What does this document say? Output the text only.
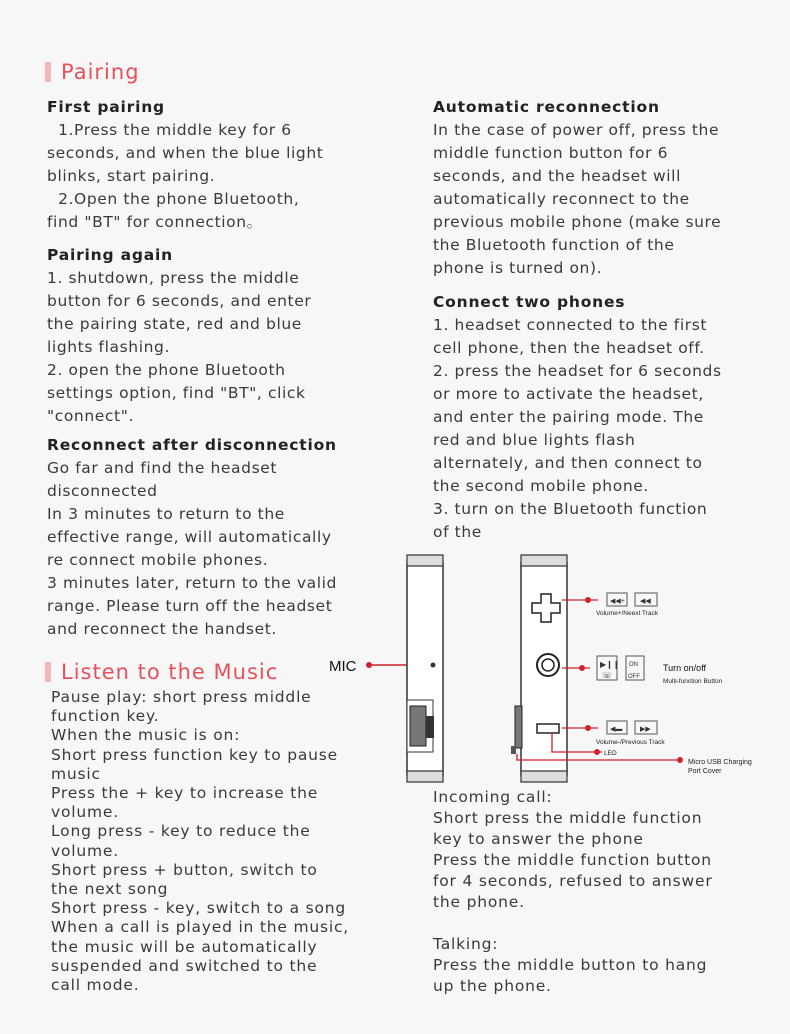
Pairing

First pairing

1.Press the middle key for 6

seconds, and when the blue light

blinks, start pairing.

2.Open the phone Bluetooth,

find "BT" for connection。

Pairing again

1. shutdown, press the middle

button for 6 seconds, and enter

the pairing state, red and blue

lights flashing.

2. open the phone Bluetooth

settings option, find "BT", click

"connect".

Reconnect after disconnection

Go far and find the headset

disconnected

In 3 minutes to return to the

effective range, will automatically

re connect mobile phones.

3 minutes later, return to the valid

range. Please turn off the headset

and reconnect the handset.

Automatic reconnection

In the case of power off, press the

middle function button for 6

seconds, and the headset will

automatically reconnect to the

previous mobile phone (make sure

the Bluetooth function of the

phone is turned on).

Connect two phones

1. headset connected to the first

cell phone, then the headset off.

2. press the headset for 6 seconds

or more to activate the headset,

and enter the pairing mode. The

red and blue lights flash

alternately, and then connect to

the second mobile phone.

3. turn on the Bluetooth function

of the

Listen to the Music

Pause play: short press middle

function key.

When the music is on:

Short press function key to pause

music

Press the + key to increase the

volume.

Long press - key to reduce the

volume.

Short press + button, switch to

the next song

Short press - key, switch to a song

When a call is played in the music,

the music will be automatically

suspended and switched to the

call mode.

Incoming call:

Short press the middle function

key to answer the phone

Press the middle function button

for 4 seconds, refused to answer

the phone.

Talking:

Press the middle button to hang

up the phone.

MIC
◀◀+ ◀◀
▶❙❙
☏
ON
OFF
◀▬	▶▶
Volume+/Neext Track
Turn on/off
Multi-function Button
Volume-/Previous Track
LED
Micro USB Charging
Port Cover
